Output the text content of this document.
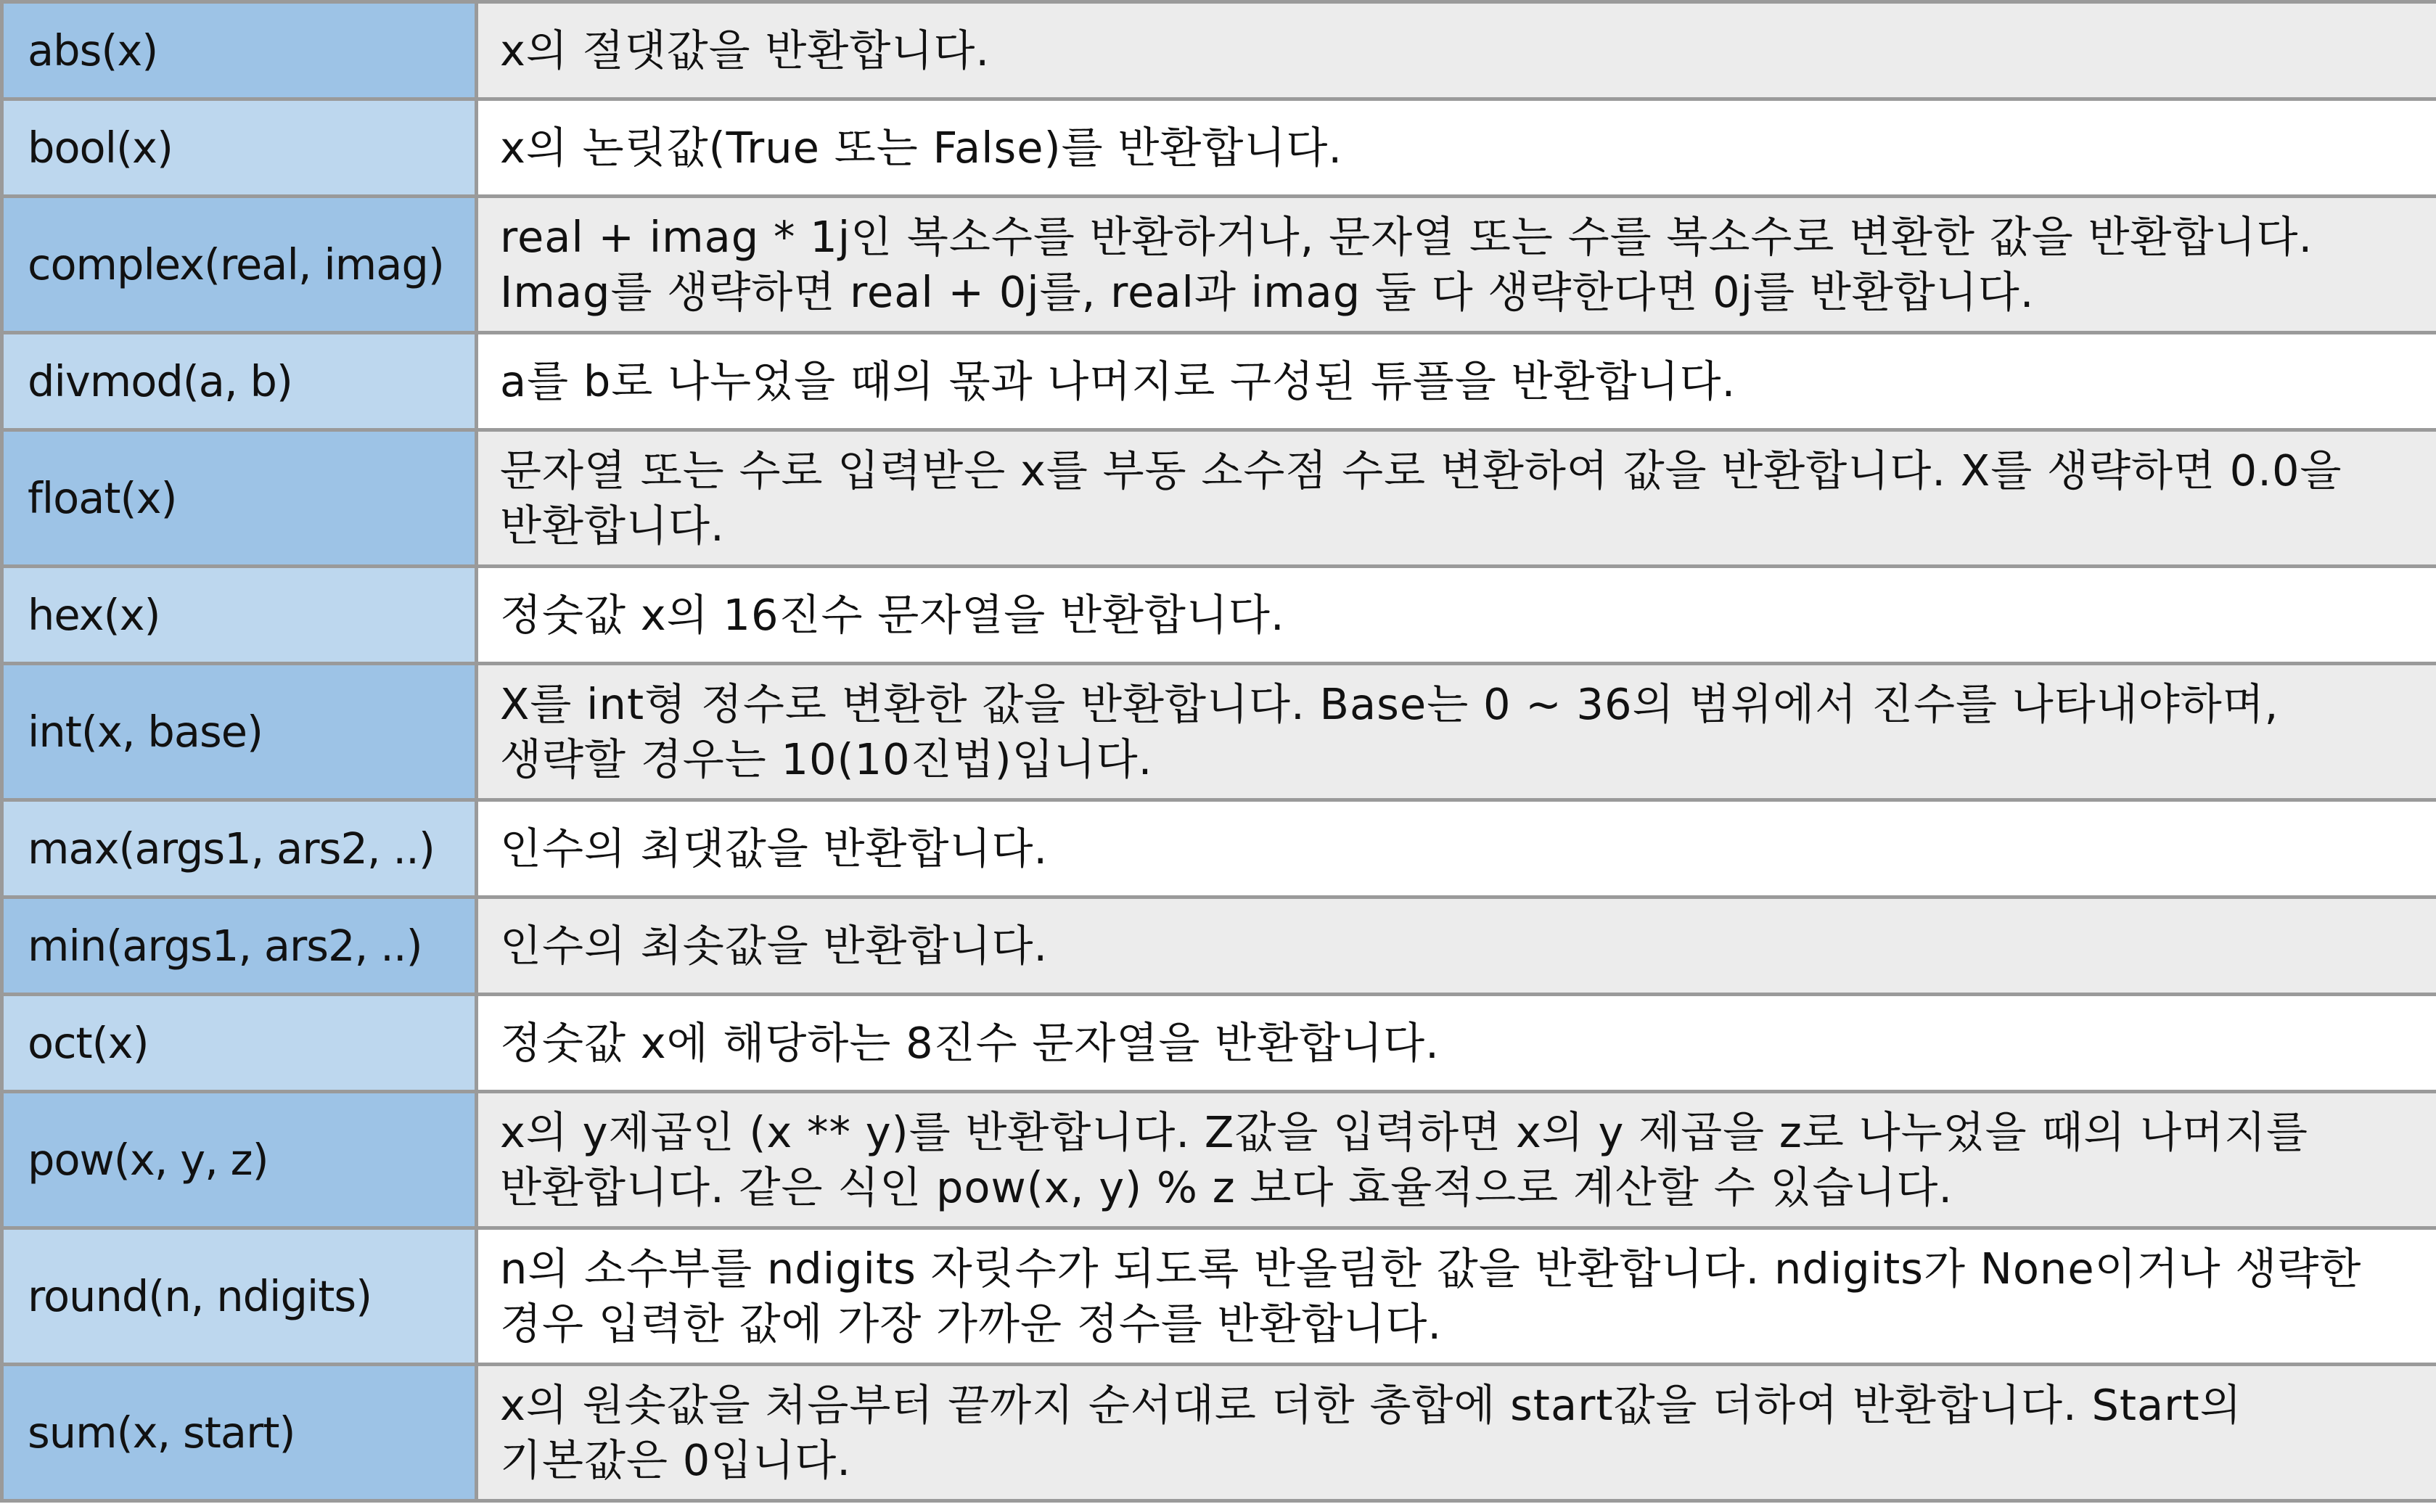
abs(x)	x의 절댓값을 반환합니다.
bool(x)	x의 논릿값(True 또는 False)를 반환합니다.
complex(real, imag)	real + imag * 1j인 복소수를 반환하거나, 문자열 또는 수를 복소수로 변환한 값을 반환합니다. Imag를 생략하면 real + 0j를, real과 imag 둘 다 생략한다면 0j를 반환합니다.
divmod(a, b)	a를 b로 나누었을 때의 몫과 나머지로 구성된 튜플을 반환합니다.
float(x)	문자열 또는 수로 입력받은 x를 부동 소수점 수로 변환하여 값을 반환합니다. X를 생략하면 0.0을 반환합니다.
hex(x)	정숫값 x의 16진수 문자열을 반환합니다.
int(x, base)	X를 int형 정수로 변환한 값을 반환합니다. Base는 0 ~ 36의 범위에서 진수를 나타내야하며, 생략할 경우는 10(10진법)입니다.
max(args1, ars2, ..)	인수의 최댓값을 반환합니다.
min(args1, ars2, ..)	인수의 최솟값을 반환합니다.
oct(x)	정숫값 x에 해당하는 8진수 문자열을 반환합니다.
pow(x, y, z)	x의 y제곱인 (x ** y)를 반환합니다. Z값을 입력하면 x의 y 제곱을 z로 나누었을 때의 나머지를 반환합니다. 같은 식인 pow(x, y) % z 보다 효율적으로 계산할 수 있습니다.
round(n, ndigits)	n의 소수부를 ndigits 자릿수가 되도록 반올림한 값을 반환합니다. ndigits가 None이거나 생략한 경우 입력한 값에 가장 가까운 정수를 반환합니다.
sum(x, start)	x의 원솟값을 처음부터 끝까지 순서대로 더한 총합에 start값을 더하여 반환합니다. Start의 기본값은 0입니다.
